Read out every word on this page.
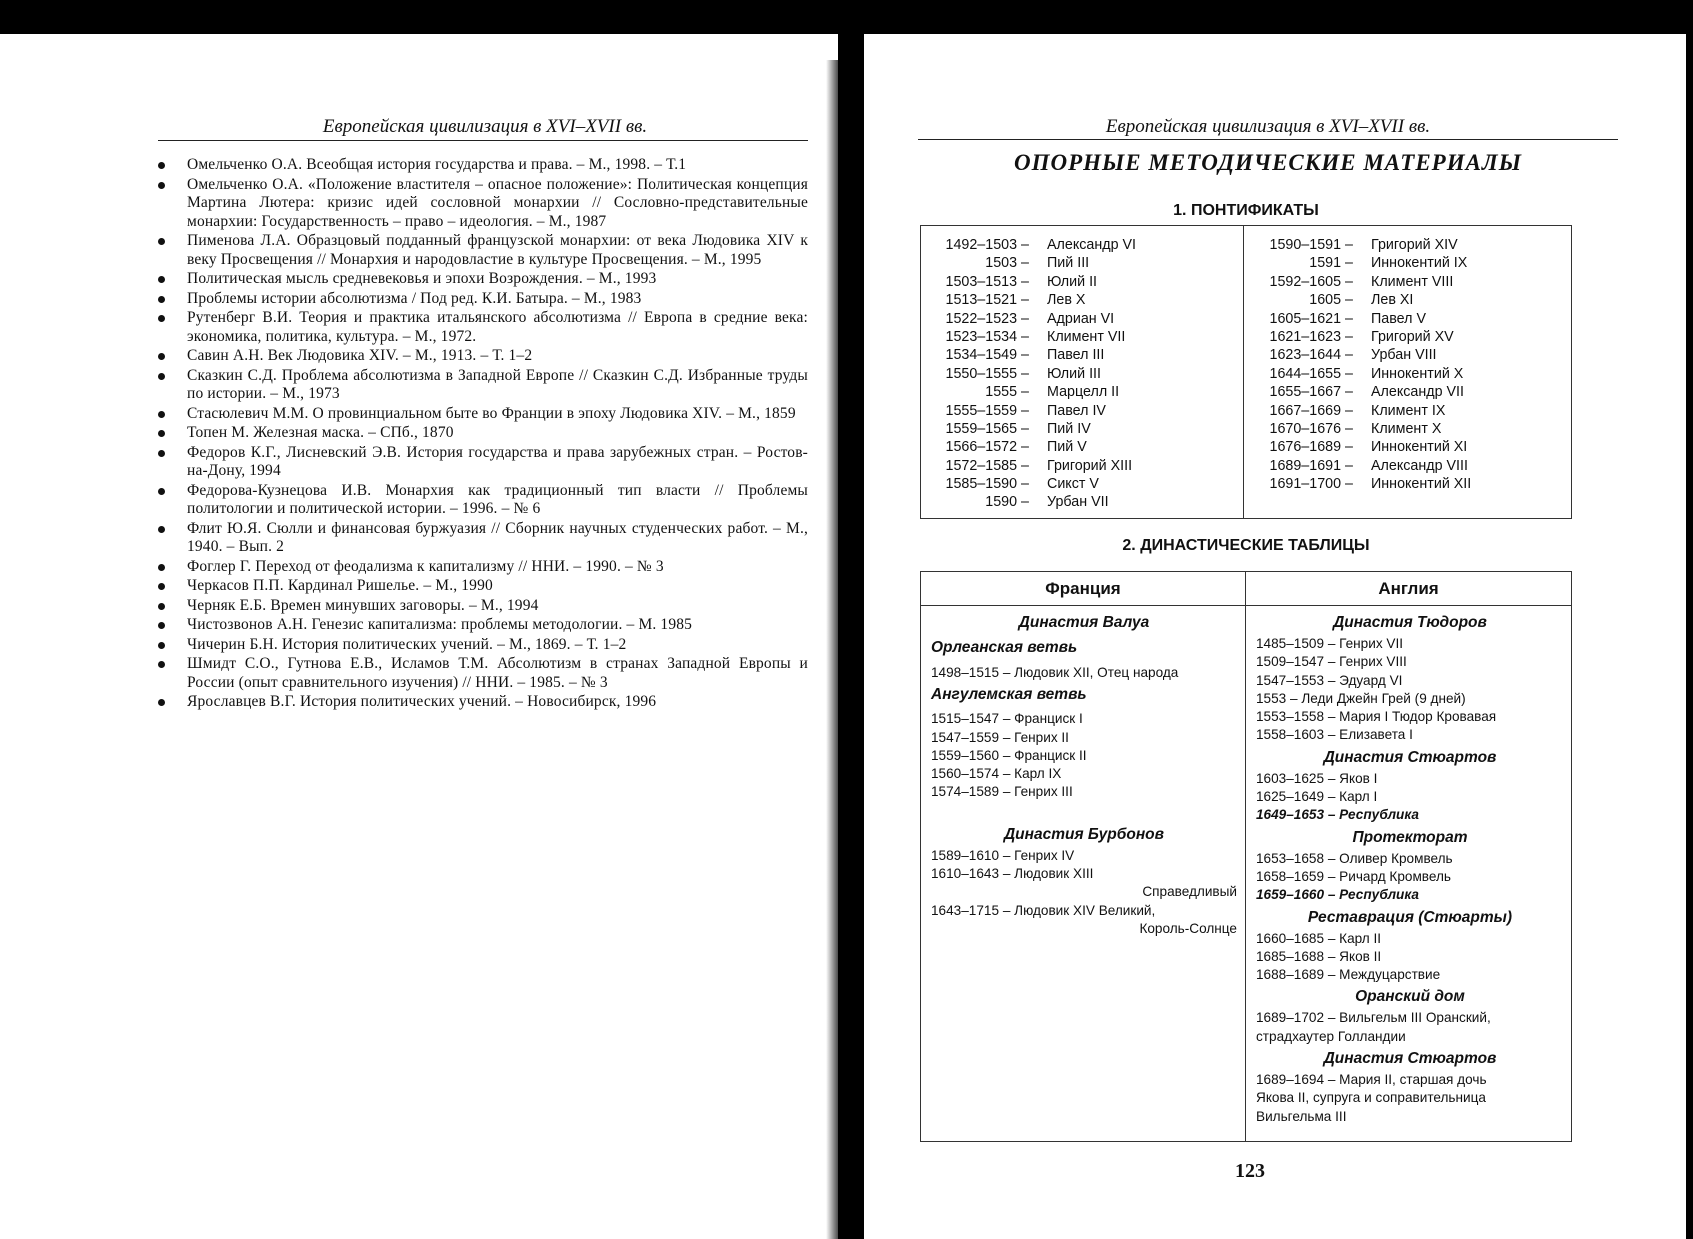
Европейская цивилизация в XVI–XVII вв.
Омельченко О.А. Всеобщая история государства и права. – М., 1998. – Т.1
Омельченко О.А. «Положение властителя – опасное положение»: Политическая концепция Мартина Лютера: кризис идей сословной монархии // Сословно-представительные монархии: Государственность – право – идеология. – М., 1987
Пименова Л.А. Образцовый подданный французской монархии: от века Людовика XIV к веку Просвещения // Монархия и народовластие в культуре Просвещения. – М., 1995
Политическая мысль средневековья и эпохи Возрождения. – М., 1993
Проблемы истории абсолютизма / Под ред. К.И. Батыра. – М., 1983
Рутенберг В.И. Теория и практика итальянского абсолютизма // Европа в средние века: экономика, политика, культура. – М., 1972.
Савин А.Н. Век Людовика XIV. – М., 1913. – Т. 1–2
Сказкин С.Д. Проблема абсолютизма в Западной Европе // Сказкин С.Д. Избранные труды по истории. – М., 1973
Стасюлевич М.М. О провинциальном быте во Франции в эпоху Людовика XIV. – М., 1859
Топен М. Железная маска. – СПб., 1870
Федоров К.Г., Лисневский Э.В. История государства и права зарубежных стран. – Ростов-на-Дону, 1994
Федорова-Кузнецова И.В. Монархия как традиционный тип власти // Проблемы политологии и политической истории. – 1996. – № 6
Флит Ю.Я. Сюлли и финансовая буржуазия // Сборник научных студенческих работ. – М., 1940. – Вып. 2
Фоглер Г. Переход от феодализма к капитализму // ННИ. – 1990. – № 3
Черкасов П.П. Кардинал Ришелье. – М., 1990
Черняк Е.Б. Времен минувших заговоры. – М., 1994
Чистозвонов А.Н. Генезис капитализма: проблемы методологии. – М. 1985
Чичерин Б.Н. История политических учений. – М., 1869. – Т. 1–2
Шмидт С.О., Гутнова Е.В., Исламов Т.М. Абсолютизм в странах Западной Европы и России (опыт сравнительного изучения) // ННИ. – 1985. – № 3
Ярославцев В.Г. История политических учений. – Новосибирск, 1996
Европейская цивилизация в XVI–XVII вв.
ОПОРНЫЕ МЕТОДИЧЕСКИЕ МАТЕРИАЛЫ
1. ПОНТИФИКАТЫ
1492–1503 – Александр VI
1503 – Пий III
1503–1513 – Юлий II
1513–1521 – Лев X
1522–1523 – Адриан VI
1523–1534 – Климент VII
1534–1549 – Павел III
1550–1555 – Юлий III
1555 – Марцелл II
1555–1559 – Павел IV
1559–1565 – Пий IV
1566–1572 – Пий V
1572–1585 – Григорий XIII
1585–1590 – Сикст V
1590 – Урбан VII
1590–1591 – Григорий XIV
1591 – Иннокентий IX
1592–1605 – Климент VIII
1605 – Лев XI
1605–1621 – Павел V
1621–1623 – Григорий XV
1623–1644 – Урбан VIII
1644–1655 – Иннокентий X
1655–1667 – Александр VII
1667–1669 – Климент IX
1670–1676 – Климент X
1676–1689 – Иннокентий XI
1689–1691 – Александр VIII
1691–1700 – Иннокентий XII
2. ДИНАСТИЧЕСКИЕ ТАБЛИЦЫ
Франция	Англия
Династия Валуа
Орлеанская ветвь
1498–1515 – Людовик XII, Отец народа
Ангулемская ветвь
1515–1547 – Франциск I
1547–1559 – Генрих II
1559–1560 – Франциск II
1560–1574 – Карл IX
1574–1589 – Генрих III
Династия Бурбонов
1589–1610 – Генрих IV
1610–1643 – Людовик XIII
Справедливый
1643–1715 – Людовик XIV Великий,
Король-Солнце
Династия Тюдоров
1485–1509 – Генрих VII
1509–1547 – Генрих VIII
1547–1553 – Эдуард VI
1553 – Леди Джейн Грей (9 дней)
1553–1558 – Мария I Тюдор Кровавая
1558–1603 – Елизавета I
Династия Стюартов
1603–1625 – Яков I
1625–1649 – Карл I
1649–1653 – Республика
Протекторат
1653–1658 – Оливер Кромвель
1658–1659 – Ричард Кромвель
1659–1660 – Республика
Реставрация (Стюарты)
1660–1685 – Карл II
1685–1688 – Яков II
1688–1689 – Междуцарствие
Оранский дом
1689–1702 – Вильгельм III Оранский,
страдхаутер Голландии
Династия Стюартов
1689–1694 – Мария II, старшая дочь
Якова II, супруга и соправительница
Вильгельма III
123
